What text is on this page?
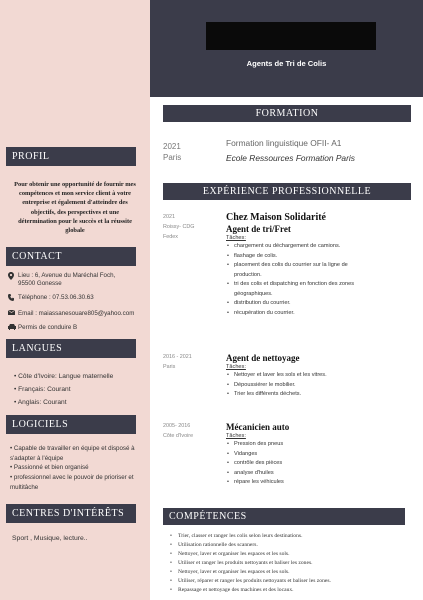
PROFIL
Pour obtenir une opportunité de fournir mes compétences et mon service client à votre entreprise et également d'atteindre des objectifs, des perspectives et une détermination pour le succès et la réussite globale
CONTACT
Lieu : 6, Avenue du Maréchal Foch,
95500 Gonesse
Téléphone : 07.53.06.30.63
Email : maiassanesouare805@yahoo.com
Permis de conduire B
LANGUES
• Côte d'Ivoire: Langue maternelle
• Français: Courant
• Anglais: Courant
LOGICIELS
• Capable de travailler en équipe et disposé à s'adapter à l'équipe
• Passionné et bien organisé
• professionnel avec le pouvoir de prioriser et multitâche
CENTRES D'INTÉRÊTS
Sport , Musique, lecture..
Agents de Tri de Colis
FORMATION
2021
Paris
Formation linguistique OFII- A1
Ecole Ressources Formation Paris
EXPÉRIENCE PROFESSIONNELLE
2021
Roissy- CDG
Fedex
Chez Maison Solidarité
Agent de tri/Fret
Tâches:
• chargement ou déchargement de camions.
• flashage de colis.
• placement des colis du courrier sur la ligne de
production.
• tri des colis et dispatching en fonction des zones
géographiques.
• distribution du courrier.
• récupération du courrier.
2016 - 2021
Paris
Agent de nettoyage
Tâches:
• Nettoyer et laver les sols et les vitres.
• Dépoussiérer le mobilier.
• Trier les différents déchets.
2005- 2016
Côte d'Ivoire
Mécanicien auto
Tâches:
• Pression des pneus
• Vidanges
• contrôle des pièces
• analyse d'huiles
• répare les véhicules
COMPÉTENCES
• Trier, classer et ranger les colis selon leurs destinations.
• Utilisation rationnelle des scanners.
• Nettoyer, laver et organiser les espaces et les sols.
• Utiliser et ranger les produits nettoyants et baliser les zones.
• Nettoyer, laver et organiser les espaces et les sols.
• Utiliser, réparer et ranger les produits nettoyants et baliser les zones.
• Repassage et nettoyage des machines et des locaux.
